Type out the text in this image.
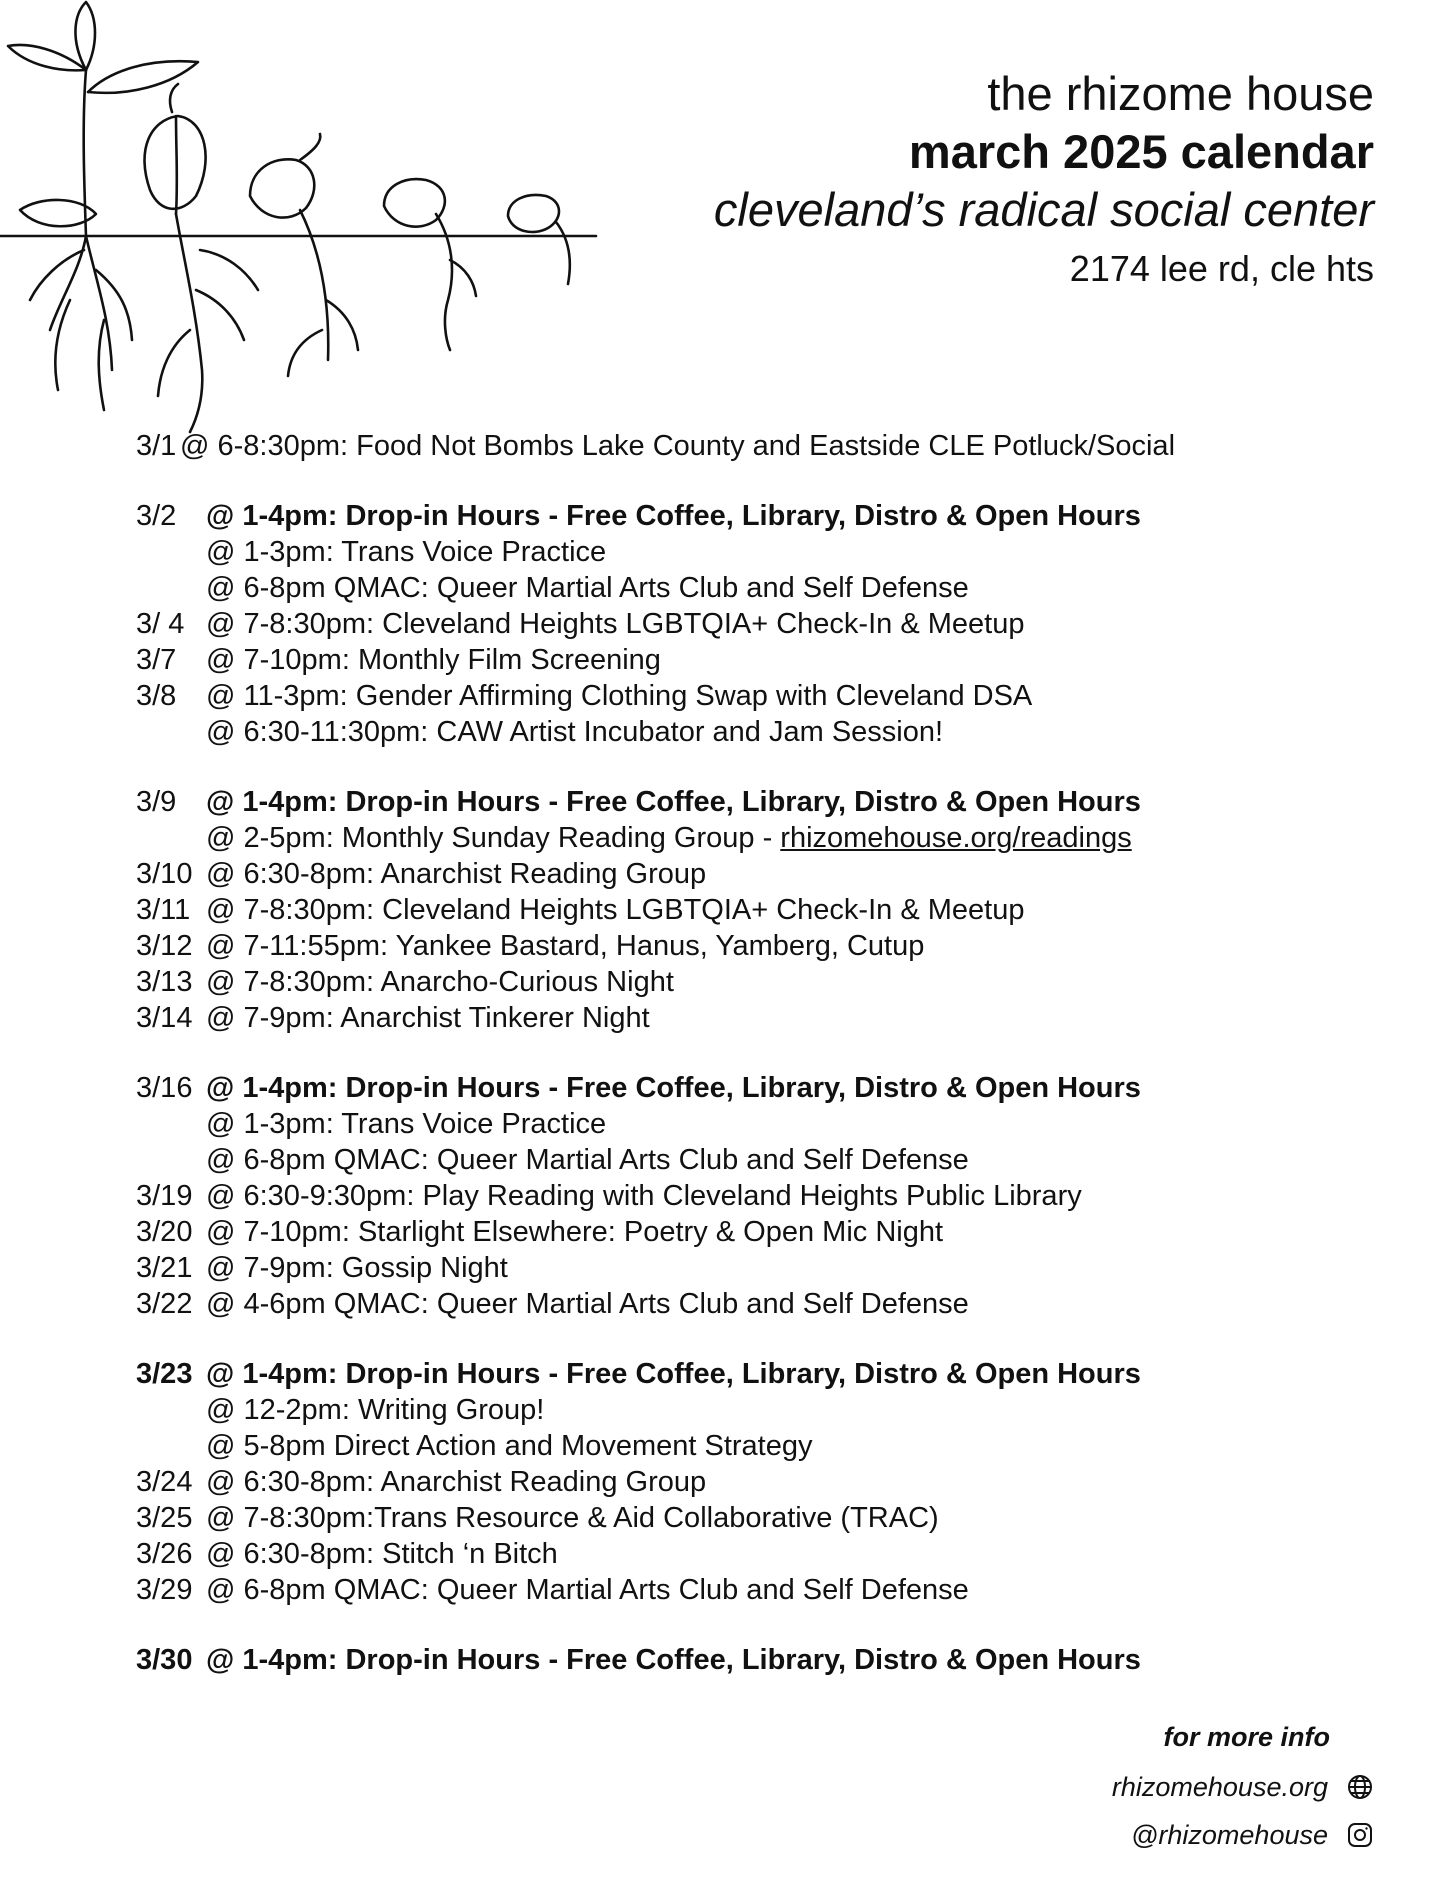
the rhizome house
march 2025 calendar
cleveland’s radical social center
2174 lee rd, cle hts
3/1 @ 6-8:30pm: Food Not Bombs Lake County and Eastside CLE Potluck/Social
3/2 @ 1-4pm: Drop-in Hours - Free Coffee, Library, Distro & Open Hours
@ 1-3pm: Trans Voice Practice
@ 6-8pm QMAC: Queer Martial Arts Club and Self Defense
3/ 4 @ 7-8:30pm: Cleveland Heights LGBTQIA+ Check-In & Meetup
3/7 @ 7-10pm: Monthly Film Screening
3/8 @ 11-3pm: Gender Affirming Clothing Swap with Cleveland DSA
@ 6:30-11:30pm: CAW Artist Incubator and Jam Session!
3/9 @ 1-4pm: Drop-in Hours - Free Coffee, Library, Distro & Open Hours
@ 2-5pm: Monthly Sunday Reading Group - rhizomehouse.org/readings
3/10 @ 6:30-8pm: Anarchist Reading Group
3/11 @ 7-8:30pm: Cleveland Heights LGBTQIA+ Check-In & Meetup
3/12 @ 7-11:55pm: Yankee Bastard, Hanus, Yamberg, Cutup
3/13 @ 7-8:30pm: Anarcho-Curious Night
3/14 @ 7-9pm: Anarchist Tinkerer Night
3/16 @ 1-4pm: Drop-in Hours - Free Coffee, Library, Distro & Open Hours
@ 1-3pm: Trans Voice Practice
@ 6-8pm QMAC: Queer Martial Arts Club and Self Defense
3/19 @ 6:30-9:30pm: Play Reading with Cleveland Heights Public Library
3/20 @ 7-10pm: Starlight Elsewhere: Poetry & Open Mic Night
3/21 @ 7-9pm: Gossip Night
3/22 @ 4-6pm QMAC: Queer Martial Arts Club and Self Defense
3/23 @ 1-4pm: Drop-in Hours - Free Coffee, Library, Distro & Open Hours
@ 12-2pm: Writing Group!
@ 5-8pm Direct Action and Movement Strategy
3/24 @ 6:30-8pm: Anarchist Reading Group
3/25 @ 7-8:30pm:Trans Resource & Aid Collaborative (TRAC)
3/26 @ 6:30-8pm: Stitch ‘n Bitch
3/29 @ 6-8pm QMAC: Queer Martial Arts Club and Self Defense
3/30 @ 1-4pm: Drop-in Hours - Free Coffee, Library, Distro & Open Hours
for more info
rhizomehouse.org
@rhizomehouse
